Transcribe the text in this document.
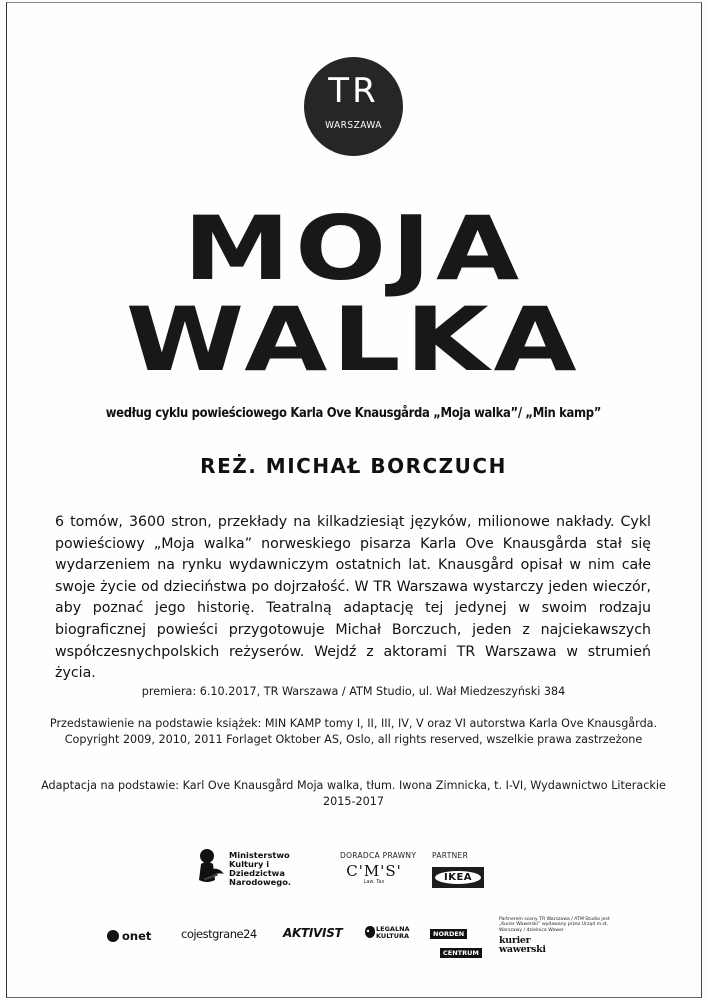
TR
WARSZAWA
MOJA
WALKA
według cyklu powieściowego Karla Ove Knausgårda „Moja walka”/ „Min kamp”
REŻ. MICHAŁ BORCZUCH
6 tomów, 3600 stron, przekłady na kilkadziesiąt języków, milionowe nakłady. Cykl powieściowy „Moja walka” norweskiego pisarza Karla Ove Knausgårda stał się wydarzeniem na rynku wydawniczym ostatnich lat. Knausgård opisał w nim całe swoje życie od dzieciństwa po dojrzałość. W TR Warszawa wystarczy jeden wieczór, aby poznać jego historię. Teatralną adaptację tej jedynej w swoim rodzaju biograficznej powieści przygotowuje Michał Borczuch, jeden z najciekawszych współczesnychpolskich reżyserów. Wejdź z aktorami TR Warszawa w strumień życia.
premiera: 6.10.2017, TR Warszawa / ATM Studio, ul. Wał Miedzeszyński 384
Przedstawienie na podstawie książek: MIN KAMP tomy I, II, III, IV, V oraz VI autorstwa Karla Ove Knausgårda. Copyright 2009, 2010, 2011 Forlaget Oktober AS, Oslo, all rights reserved, wszelkie prawa zastrzeżone
Adaptacja na podstawie: Karl Ove Knausgård Moja walka, tłum. Iwona Zimnicka, t. I-VI, Wydawnictwo Literackie 2015-2017
Ministerstwo Kultury i Dziedzictwa Narodowego.
DORADCA PRAWNY
C'M'S'
Law. Tax
PARTNER
IKEA
onet	cojestgrane24 AKTIVIST	LEGALNA KULTURA	NORDEN
CENTRUM
Partnerem sceny TR Warszawa / ATM Studio jest „Kurier Wawerski” wydawany przez Urząd m.st. Warszawy / dzielnica Wawer
kurier wawerski
